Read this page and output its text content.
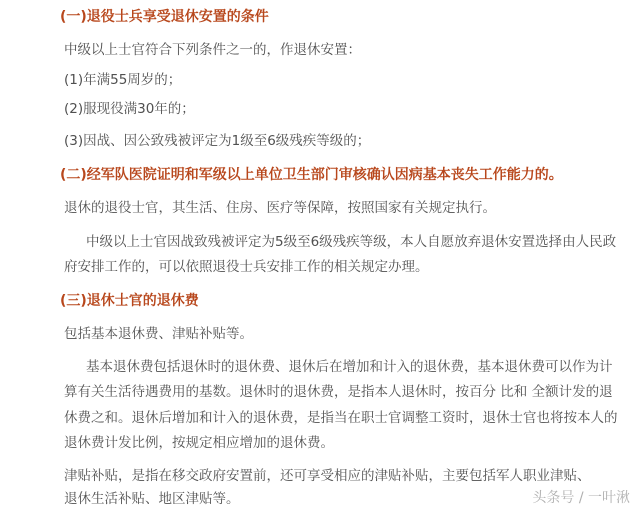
(一)退役士兵享受退休安置的条件
中级以上士官符合下列条件之一的，作退休安置：
(1)年满55周岁的；
(2)服现役满30年的；
(3)因战、因公致残被评定为1级至6级残疾等级的；
(二)经军队医院证明和军级以上单位卫生部门审核确认因病基本丧失工作能力的。
退休的退役士官，其生活、住房、医疗等保障，按照国家有关规定执行。
中级以上士官因战致残被评定为5级至6级残疾等级，本人自愿放弃退休安置选择由人民政
府安排工作的，可以依照退役士兵安排工作的相关规定办理。
(三)退休士官的退休费
包括基本退休费、津贴补贴等。
基本退休费包括退休时的退休费、退休后在增加和计入的退休费，基本退休费可以作为计
算有关生活待遇费用的基数。退休时的退休费，是指本人退休时，按百分 比和 全额计发的退
休费之和。退休后增加和计入的退休费，是指当在职士官调整工资时，退休士官也将按本人的
退休费计发比例，按规定相应增加的退休费。
津贴补贴，是指在移交政府安置前，还可享受相应的津贴补贴，主要包括军人职业津贴、
退休生活补贴、地区津贴等。	头条号 / 一叶湫
